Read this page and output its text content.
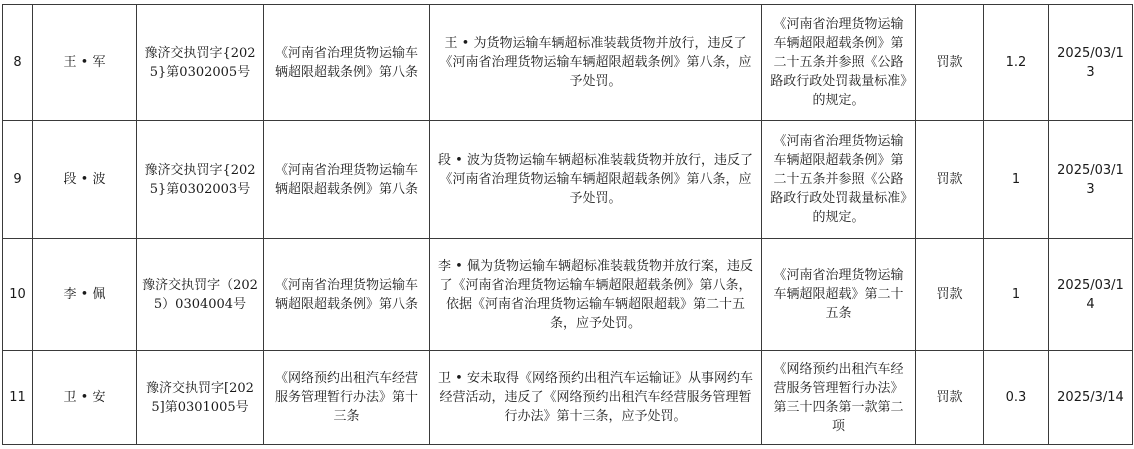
8	王 • 军	豫济交执罚字{2025}第0302005号	《河南省治理货物运输车辆超限超载条例》第八条	王 • 为货物运输车辆超标准装载货物并放行，违反了《河南省治理货物运输车辆超限超载条例》第八条，应予处罚。	《河南省治理货物运输车辆超限超载条例》第二十五条并参照《公路路政行政处罚裁量标准》的规定。	罚款	1.2	2025/03/13
9	段 • 波	豫济交执罚字{2025}第0302003号	《河南省治理货物运输车辆超限超载条例》第八条	段 • 波为货物运输车辆超标准装载货物并放行，违反了《河南省治理货物运输车辆超限超载条例》第八条，应予处罚。	《河南省治理货物运输车辆超限超载条例》第二十五条并参照《公路路政行政处罚裁量标准》的规定。	罚款	1	2025/03/13
10	李 • 佩	豫济交执罚字（2025）0304004号	《河南省治理货物运输车辆超限超载条例》第八条	李 • 佩为货物运输车辆超标准装载货物并放行案，违反了《河南省治理货物运输车辆超限超载条例》第八条，依据《河南省治理货物运输车辆超限超载》第二十五条，应予处罚。	《河南省治理货物运输车辆超限超载》第二十五条	罚款	1	2025/03/14
11	卫 • 安	豫济交执罚字[2025]第0301005号	《网络预约出租汽车经营服务管理暂行办法》第十三条	卫 • 安未取得《网络预约出租汽车运输证》从事网约车经营活动，违反了《网络预约出租汽车经营服务管理暂行办法》第十三条，应予处罚。	《网络预约出租汽车经营服务管理暂行办法》第三十四条第一款第二项	罚款	0.3	2025/3/14
